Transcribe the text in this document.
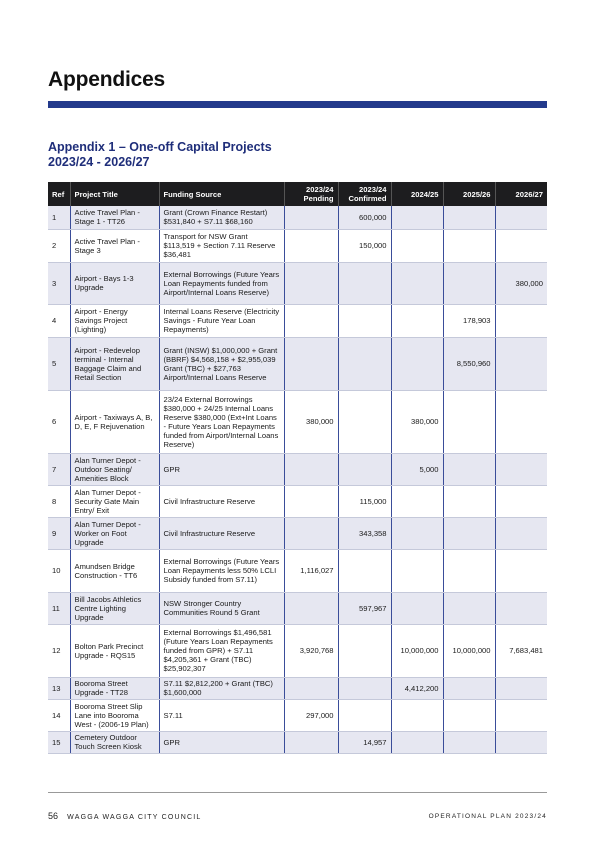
Appendices
Appendix 1 – One-off Capital Projects
2023/24 - 2026/27
Ref	Project Title	Funding Source	2023/24 Pending	2023/24 Confirmed	2024/25	2025/26	2026/27
1	Active Travel Plan - Stage 1 - TT26	Grant (Crown Finance Restart) $531,840 + S7.11 $68,160		600,000			
2	Active Travel Plan - Stage 3	Transport for NSW Grant $113,519 + Section 7.11 Reserve $36,481		150,000			
3	Airport - Bays 1-3 Upgrade	External Borrowings (Future Years Loan Repayments funded from Airport/Internal Loans Reserve)					380,000
4	Airport - Energy Savings Project (Lighting)	Internal Loans Reserve (Electricity Savings - Future Year Loan Repayments)				178,903	
5	Airport - Redevelop terminal - Internal Baggage Claim and Retail Section	Grant (INSW) $1,000,000 + Grant (BBRF) $4,568,158 + $2,955,039 Grant (TBC) + $27,763 Airport/Internal Loans Reserve				8,550,960	
6	Airport - Taxiways A, B, D, E, F Rejuvenation	23/24 External Borrowings $380,000 + 24/25 Internal Loans Reserve $380,000 (Ext+Int Loans - Future Years Loan Repayments funded from Airport/Internal Loans Reserve)	380,000		380,000		
7	Alan Turner Depot - Outdoor Seating/ Amenities Block	GPR			5,000		
8	Alan Turner Depot - Security Gate Main Entry/ Exit	Civil Infrastructure Reserve		115,000			
9	Alan Turner Depot - Worker on Foot Upgrade	Civil Infrastructure Reserve		343,358			
10	Amundsen Bridge Construction - TT6	External Borrowings (Future Years Loan Repayments less 50% LCLI Subsidy funded from S7.11)	1,116,027				
11	Bill Jacobs Athletics Centre Lighting Upgrade	NSW Stronger Country Communities Round 5 Grant		597,967			
12	Bolton Park Precinct Upgrade - RQS15	External Borrowings $1,496,581 (Future Years Loan Repayments funded from GPR) + S7.11 $4,205,361 + Grant (TBC) $25,902,307	3,920,768		10,000,000	10,000,000	7,683,481
13	Booroma Street Upgrade - TT28	S7.11 $2,812,200 + Grant (TBC) $1,600,000			4,412,200		
14	Booroma Street Slip Lane into Booroma West - (2006-19 Plan)	S7.11	297,000				
15	Cemetery Outdoor Touch Screen Kiosk	GPR		14,957			
56 WAGGA WAGGA CITY COUNCIL	OPERATIONAL PLAN 2023/24
